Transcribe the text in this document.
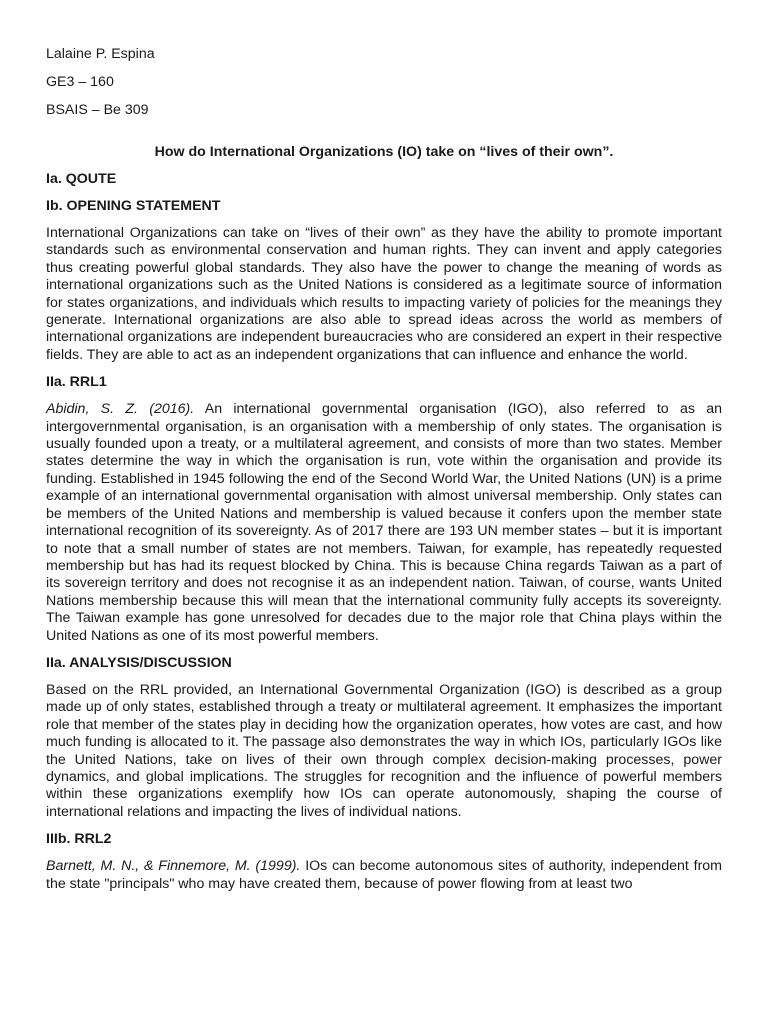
Lalaine P. Espina
GE3 – 160
BSAIS – Be 309
How do International Organizations (IO) take on “lives of their own”.
Ia. QOUTE
Ib. OPENING STATEMENT

International Organizations can take on “lives of their own” as they have the ability to promote important standards such as environmental conservation and human rights. They can invent and apply categories thus creating powerful global standards. They also have the power to change the meaning of words as international organizations such as the United Nations is considered as a legitimate source of information for states organizations, and individuals which results to impacting variety of policies for the meanings they generate. International organizations are also able to spread ideas across the world as members of international organizations are independent bureaucracies who are considered an expert in their respective fields. They are able to act as an independent organizations that can influence and enhance the world.

IIa. RRL1

Abidin, S. Z. (2016). An international governmental organisation (IGO), also referred to as an intergovernmental organisation, is an organisation with a membership of only states. The organisation is usually founded upon a treaty, or a multilateral agreement, and consists of more than two states. Member states determine the way in which the organisation is run, vote within the organisation and provide its funding. Established in 1945 following the end of the Second World War, the United Nations (UN) is a prime example of an international governmental organisation with almost universal membership. Only states can be members of the United Nations and membership is valued because it confers upon the member state international recognition of its sovereignty. As of 2017 there are 193 UN member states – but it is important to note that a small number of states are not members. Taiwan, for example, has repeatedly requested membership but has had its request blocked by China. This is because China regards Taiwan as a part of its sovereign territory and does not recognise it as an independent nation. Taiwan, of course, wants United Nations membership because this will mean that the international community fully accepts its sovereignty. The Taiwan example has gone unresolved for decades due to the major role that China plays within the United Nations as one of its most powerful members.

IIa. ANALYSIS/DISCUSSION

Based on the RRL provided, an International Governmental Organization (IGO) is described as a group made up of only states, established through a treaty or multilateral agreement. It emphasizes the important role that member of the states play in deciding how the organization operates, how votes are cast, and how much funding is allocated to it. The passage also demonstrates the way in which IOs, particularly IGOs like the United Nations, take on lives of their own through complex decision-making processes, power dynamics, and global implications. The struggles for recognition and the influence of powerful members within these organizations exemplify how IOs can operate autonomously, shaping the course of international relations and impacting the lives of individual nations.

IIIb. RRL2

Barnett, M. N., & Finnemore, M. (1999). IOs can become autonomous sites of authority, independent from the state "principals" who may have created them, because of power flowing from at least two
